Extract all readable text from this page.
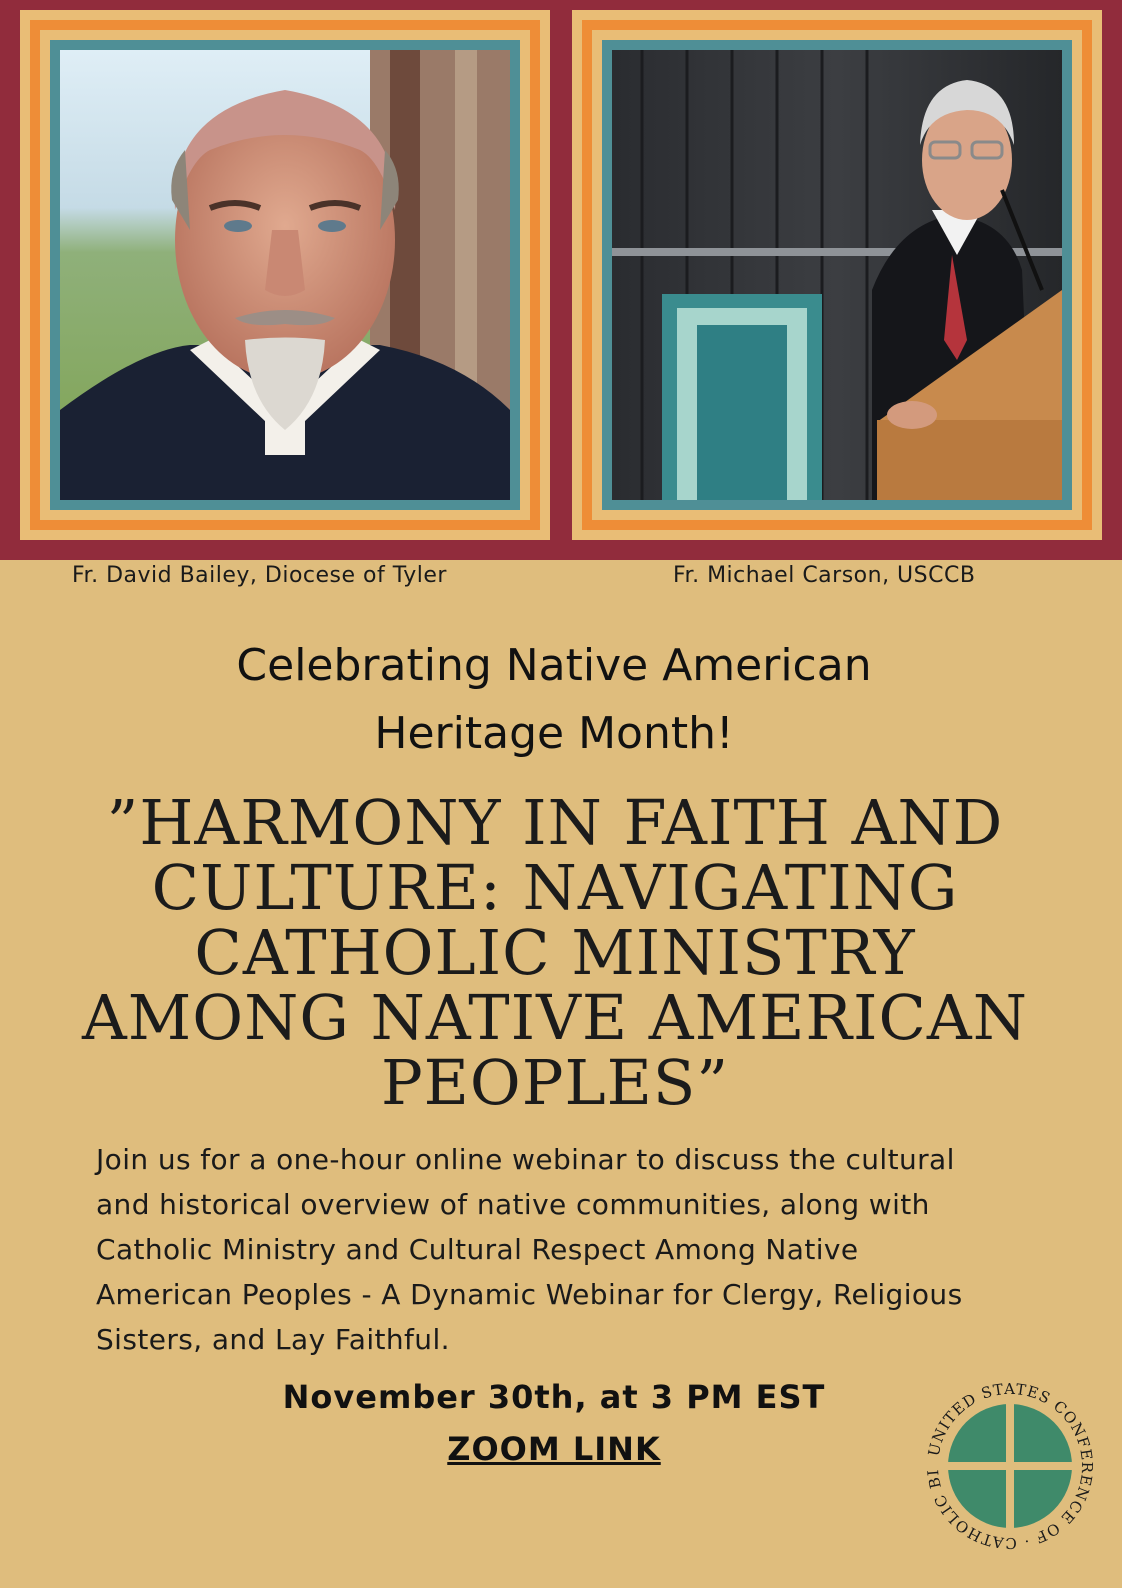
Fr. David Bailey, Diocese of Tyler	Fr. Michael Carson, USCCB
Celebrating Native American
Heritage Month!
”HARMONY IN FAITH AND CULTURE: NAVIGATING CATHOLIC MINISTRY AMONG NATIVE AMERICAN PEOPLES”

Join us for a one-hour online webinar to discuss the cultural and historical overview of native communities, along with Catholic Ministry and Cultural Respect Among Native American Peoples - A Dynamic Webinar for Clergy, Religious Sisters, and Lay Faithful.

November 30th, at 3 PM EST
ZOOM LINK	UNITED STATES CONFERENCE OF · CATHOLIC BI
